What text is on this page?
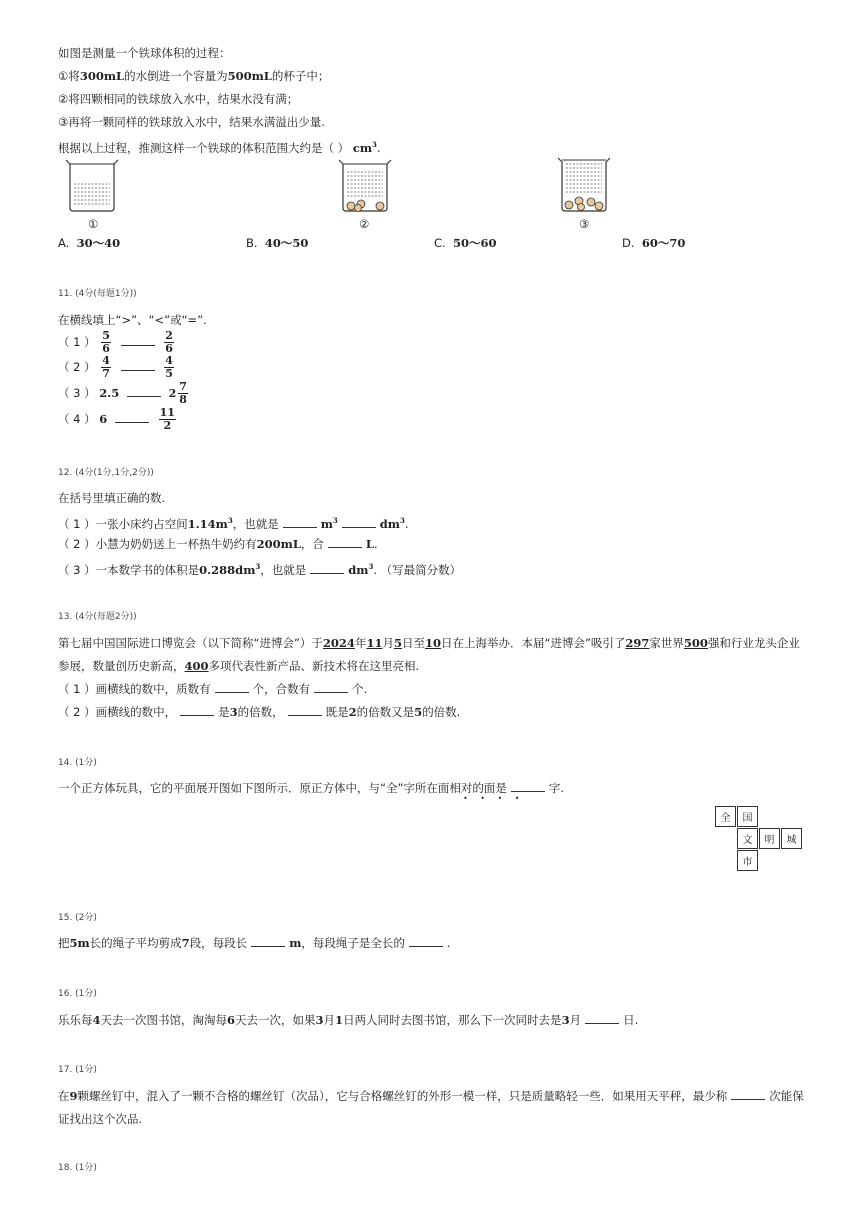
如图是测量一个铁球体积的过程：
①将300mL的水倒进一个容量为500mL的杯子中；
②将四颗相同的铁球放入水中，结果水没有满；
③再将一颗同样的铁球放入水中，结果水满溢出少量.
根据以上过程，推测这样一个铁球的体积范围大约是（ ） $cm^3$.
①	②	③
A. 30～40	B. 40～50	C. 50～60	D. 60～70
11. (4分(每题1分))
在横线填上“>”、“<”或“=”.
（ 1 ） $\frac{5}{6}$
	$\frac{2}{6}$
（ 2 ） $\frac{4}{7}$
	$\frac{4}{5}$
（ 3 ） 2.5	$2 \frac{7}{8}$
（ 4 ） 6	$\frac{11}{2}$
12. (4分(1分,1分,2分))
在括号里填正确的数.
（ 1 ）一张小床约占空间$1.14m^3$，也就是	$m^3$	$dm^3$.
（ 2 ）小慧为奶奶送上一杯热牛奶约有200mL，合	L.
（ 3 ）一本数学书的体积是$0.288dm^3$，也就是	$dm^3$. （写最简分数）
13. (4分(每题2分))
第七届中国国际进口博览会（以下简称“进博会”）于2024年11月5日至10日在上海举办．本届“进博会”吸引了297家世界500强和行业龙头企业
参展，数量创历史新高，400多项代表性新产品、新技术将在这里亮相.
（ 1 ）画横线的数中，质数有	个，合数有	个.
（ 2 ）画横线的数中，	是3的倍数，	既是2的倍数又是5的倍数.
14. (1分)
一个正方体玩具，它的平面展开图如下图所示．原正方体中，与“全”字所在面相对的面是	字.
• • • •
全	国
文	明	城
市
15. (2分)
把5m长的绳子平均剪成7段，每段长	m，每段绳子是全长的	.
16. (1分)
乐乐每4天去一次图书馆，淘淘每6天去一次，如果3月1日两人同时去图书馆，那么下一次同时去是3月	日.
17. (1分)
在9颗螺丝钉中，混入了一颗不合格的螺丝钉（次品），它与合格螺丝钉的外形一模一样，只是质量略轻一些．如果用天平秤，最少称	次能保
证找出这个次品.
18. (1分)
